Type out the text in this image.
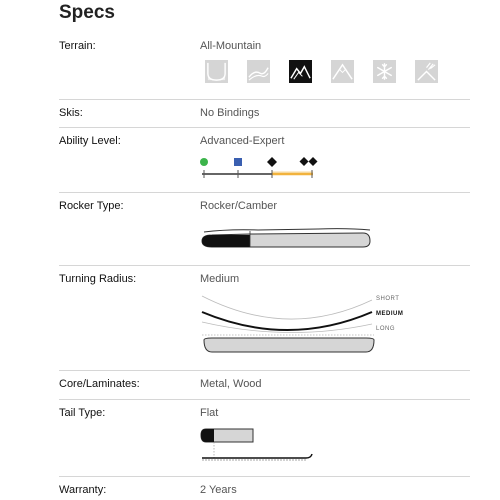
Specs
Terrain:	All-Mountain
Skis:	No Bindings
Ability Level:	Advanced-Expert
Rocker Type:	Rocker/Camber
Turning Radius:	Medium
SHORT
MEDIUM
LONG
Core/Laminates:	Metal, Wood
Tail Type:	Flat
Warranty:	2 Years
